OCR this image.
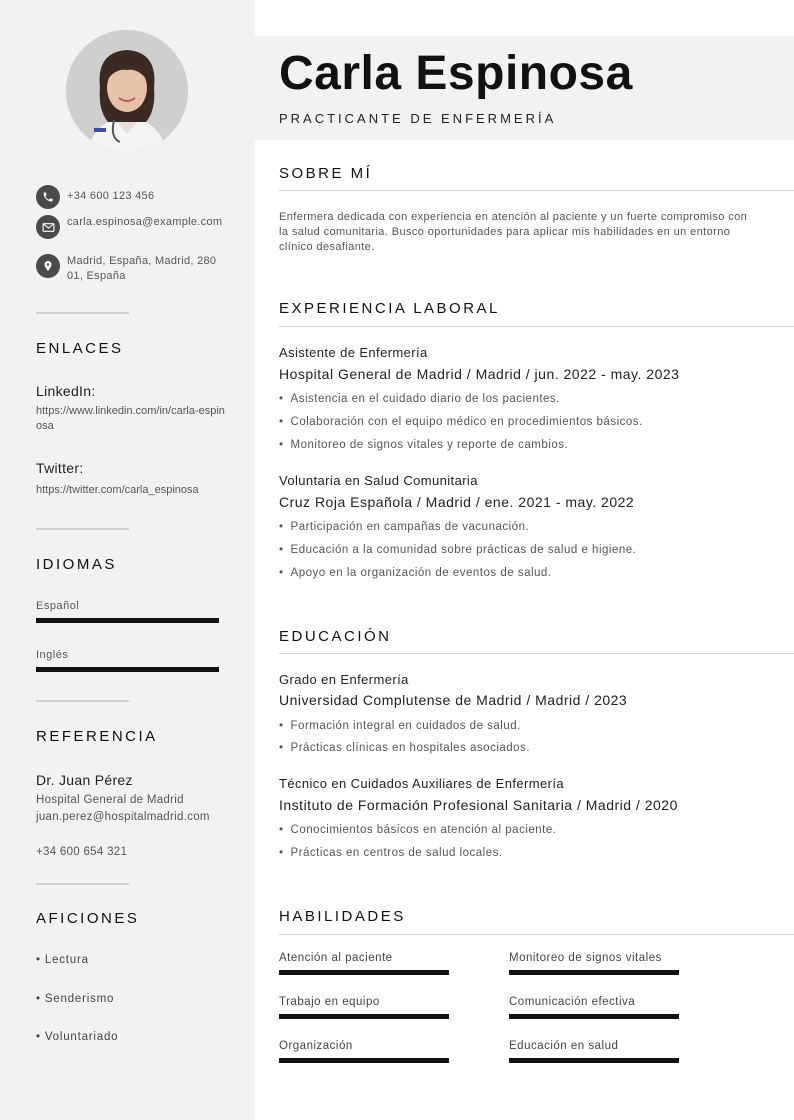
+34 600 123 456
carla.espinosa@example.com
Madrid, España, Madrid, 28001, España
ENLACES
LinkedIn:
https://www.linkedin.com/in/carla-espinosa
Twitter:
https://twitter.com/carla_espinosa
IDIOMAS
Español
Inglés
REFERENCIA
Dr. Juan Pérez
Hospital General de Madrid
juan.perez@hospitalmadrid.com
+34 600 654 321
AFICIONES
• Lectura
• Senderismo
• Voluntariado
Carla Espinosa
PRACTICANTE DE ENFERMERÍA
SOBRE MÍ
Enfermera dedicada con experiencia en atención al paciente y un fuerte compromiso con la salud comunitaria. Busco oportunidades para aplicar mis habilidades en un entorno clínico desafiante.
EXPERIENCIA LABORAL
Asistente de Enfermería
Hospital General de Madrid / Madrid / jun. 2022 - may. 2023
• Asistencia en el cuidado diario de los pacientes.
• Colaboración con el equipo médico en procedimientos básicos.
• Monitoreo de signos vitales y reporte de cambios.
Voluntaria en Salud Comunitaria
Cruz Roja Española / Madrid / ene. 2021 - may. 2022
• Participación en campañas de vacunación.
• Educación a la comunidad sobre prácticas de salud e higiene.
• Apoyo en la organización de eventos de salud.
EDUCACIÓN
Grado en Enfermería
Universidad Complutense de Madrid / Madrid / 2023
• Formación integral en cuidados de salud.
• Prácticas clínicas en hospitales asociados.
Técnico en Cuidados Auxiliares de Enfermería
Instituto de Formación Profesional Sanitaria / Madrid / 2020
• Conocimientos básicos en atención al paciente.
• Prácticas en centros de salud locales.
HABILIDADES
Atención al paciente	Monitoreo de signos vitales
Trabajo en equipo	Comunicación efectiva
Organización	Educación en salud
